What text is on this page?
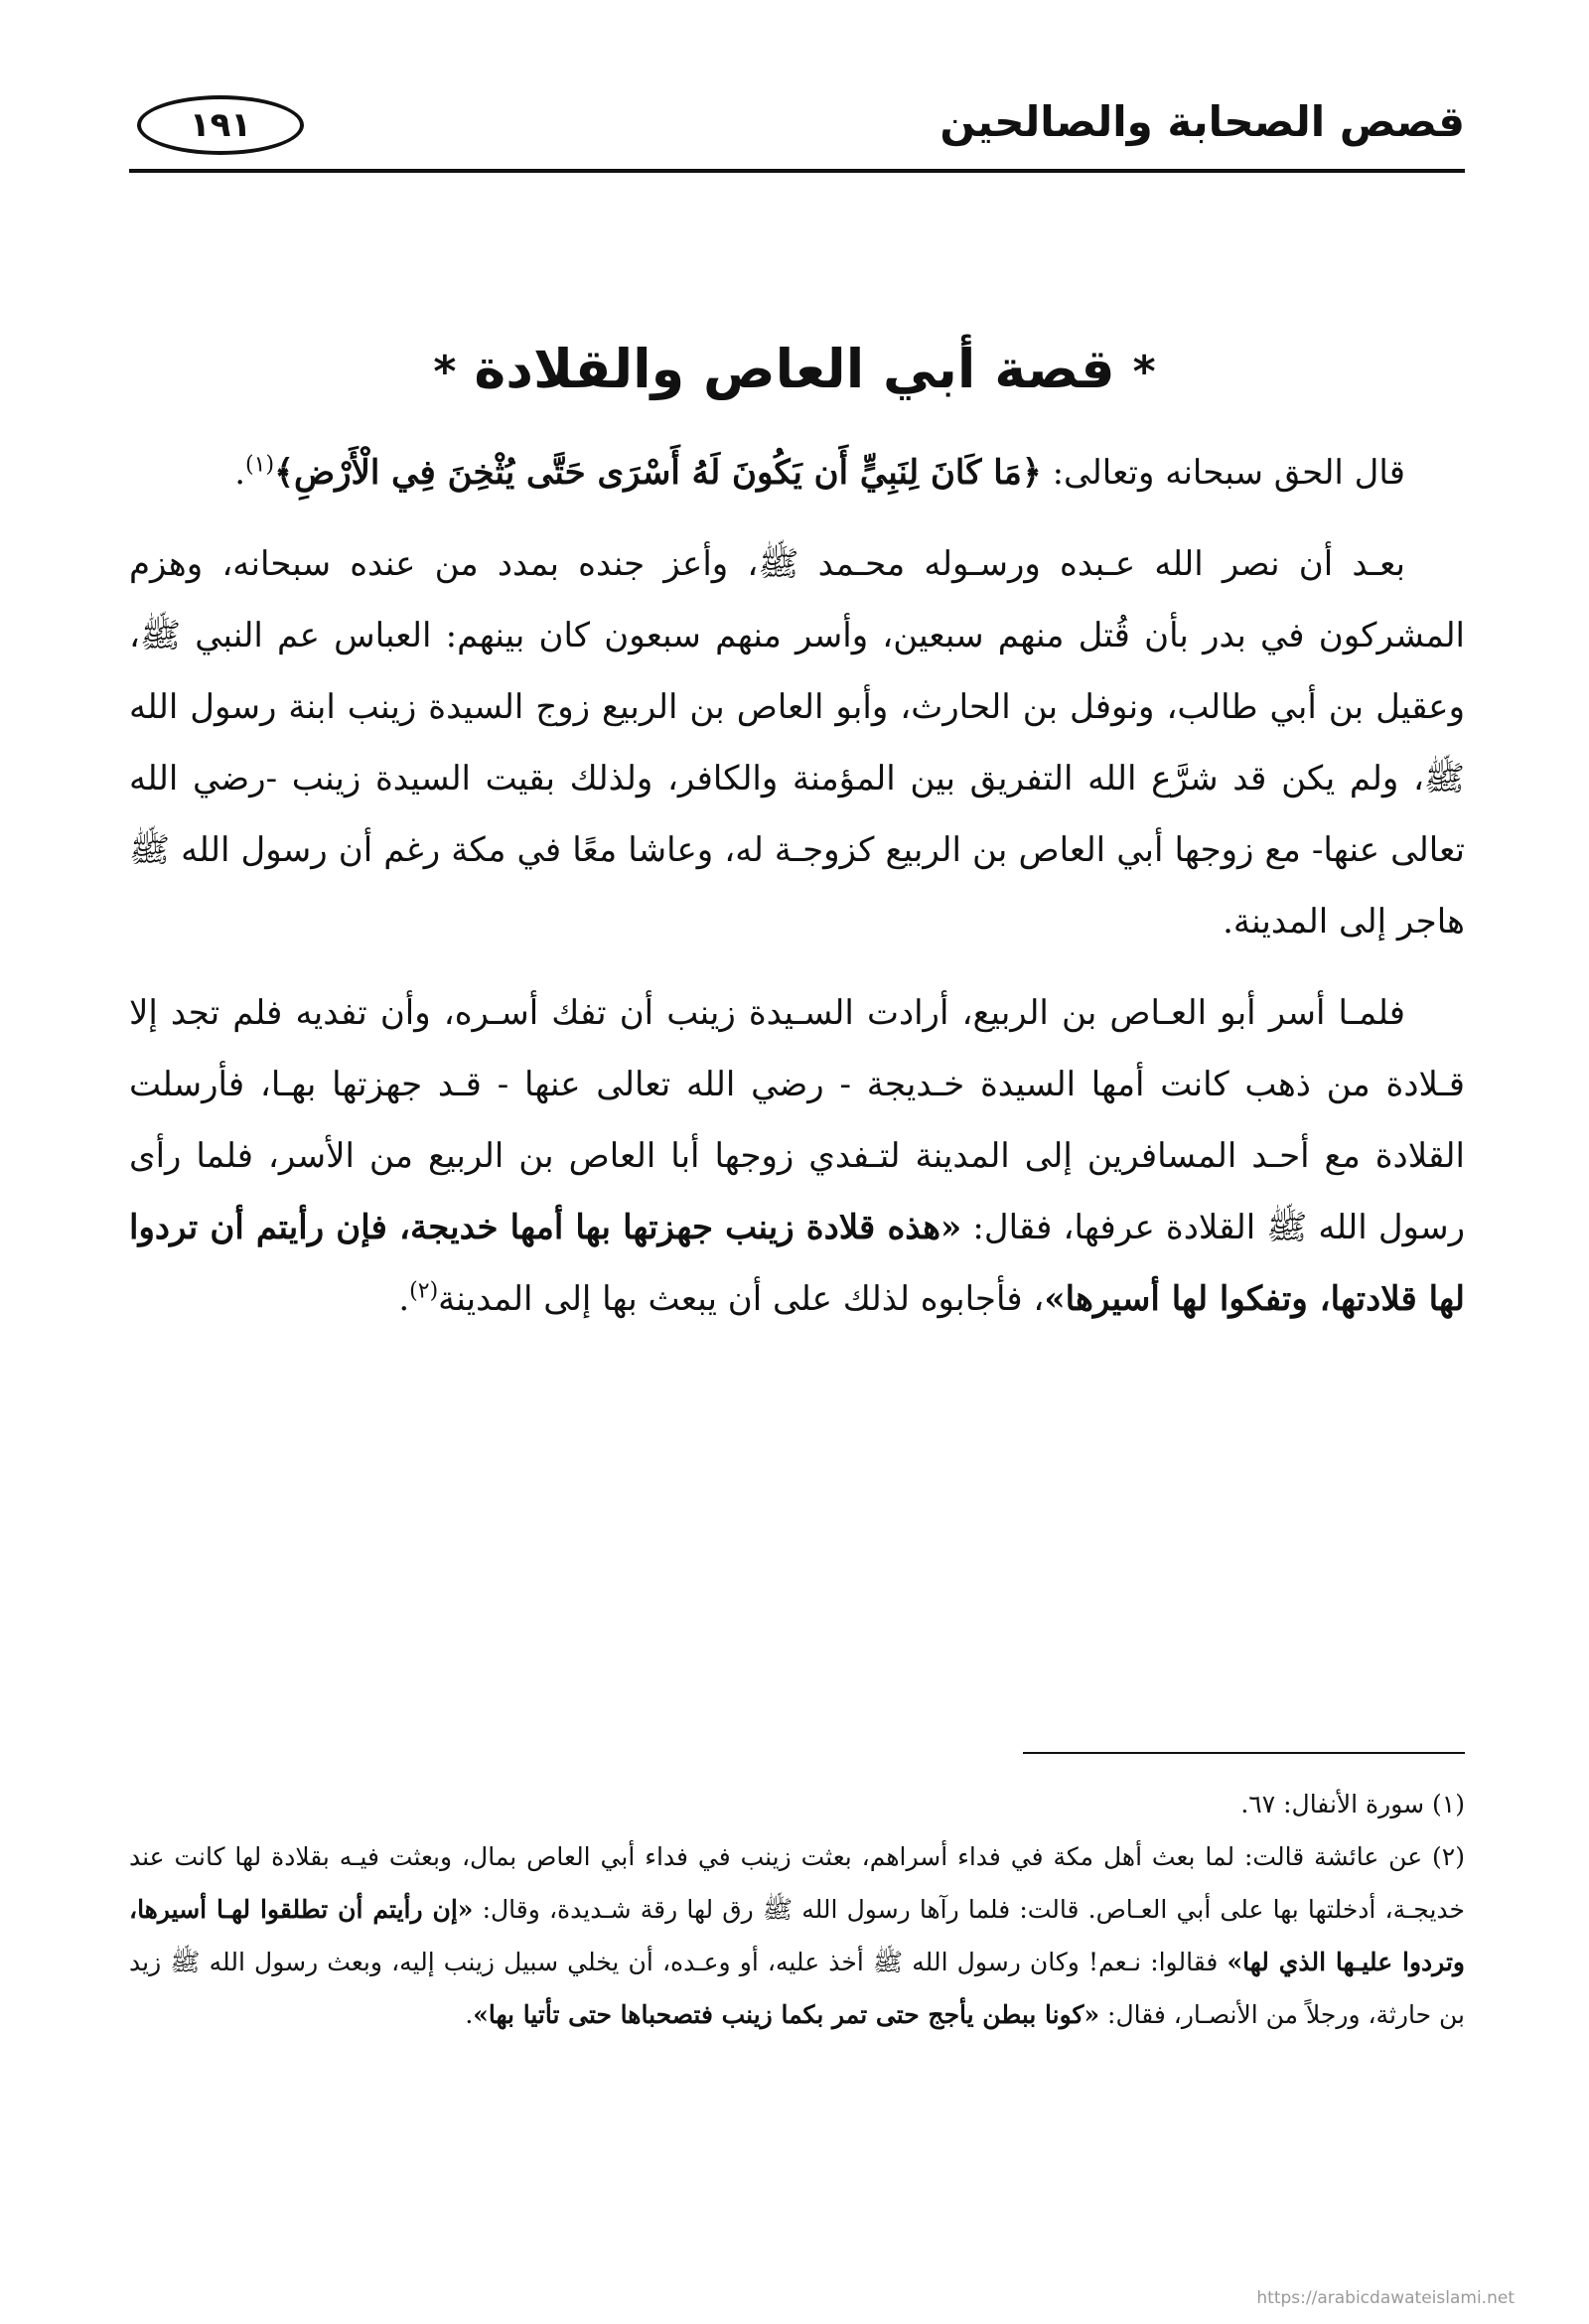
قصص الصحابة والصالحين
١٩١
*قصة أبي العاص والقلادة*

قال الحق سبحانه وتعالى: ﴿مَا كَانَ لِنَبِيٍّ أَن يَكُونَ لَهُ أَسْرَى حَتَّى يُثْخِنَ فِي الْأَرْضِ﴾$^{(١)}$.

بعـد أن نصر الله عـبده ورسـوله محـمد ﷺ، وأعز جنده بمدد من عنده سبحانه، وهزم المشركون في بدر بأن قُتل منهم سبعين، وأسر منهم سبعون كان بينهم: العباس عم النبي ﷺ، وعقيل بن أبي طالب، ونوفل بن الحارث، وأبو العاص بن الربيع زوج السيدة زينب ابنة رسول الله ﷺ، ولم يكن قد شرَّع الله التفريق بين المؤمنة والكافر، ولذلك بقيت السيدة زينب -رضي الله تعالى عنها- مع زوجها أبي العاص بن الربيع كزوجـة له، وعاشا معًا في مكة رغم أن رسول الله ﷺ هاجر إلى المدينة.

فلمـا أسر أبو العـاص بن الربيع، أرادت السـيدة زينب أن تفك أسـره، وأن تفديه فلم تجد إلا قـلادة من ذهب كانت أمها السيدة خـديجة - رضي الله تعالى عنها - قـد جهزتها بهـا، فأرسلت القلادة مع أحـد المسافرين إلى المدينة لتـفدي زوجها أبا العاص بن الربيع من الأسر، فلما رأى رسول الله ﷺ القلادة عرفها، فقال: «هذه قلادة زينب جهزتها بها أمها خديجة، فإن رأيتم أن تردوا لها قلادتها، وتفكوا لها أسيرها»، فأجابوه لذلك على أن يبعث بها إلى المدينة$^{(٢)}$.

(١) سورة الأنفال: ٦٧.

(٢) عن عائشة قالت: لما بعث أهل مكة في فداء أسراهم، بعثت زينب في فداء أبي العاص بمال، وبعثت فيـه بقلادة لها كانت عند خديجـة، أدخلتها بها على أبي العـاص. قالت: فلما رآها رسول الله ﷺ رق لها رقة شـديدة، وقال: «إن رأيتم أن تطلقوا لهـا أسيرها، وتردوا عليـها الذي لها» فقالوا: نـعم! وكان رسول الله ﷺ أخذ عليه، أو وعـده، أن يخلي سبيل زينب إليه، وبعث رسول الله ﷺ زيد بن حارثة، ورجلاً من الأنصـار، فقال: «كونا ببطن يأجج حتى تمر بكما زينب فتصحباها حتى تأتيا بها».

https://arabicdawateislami.net
